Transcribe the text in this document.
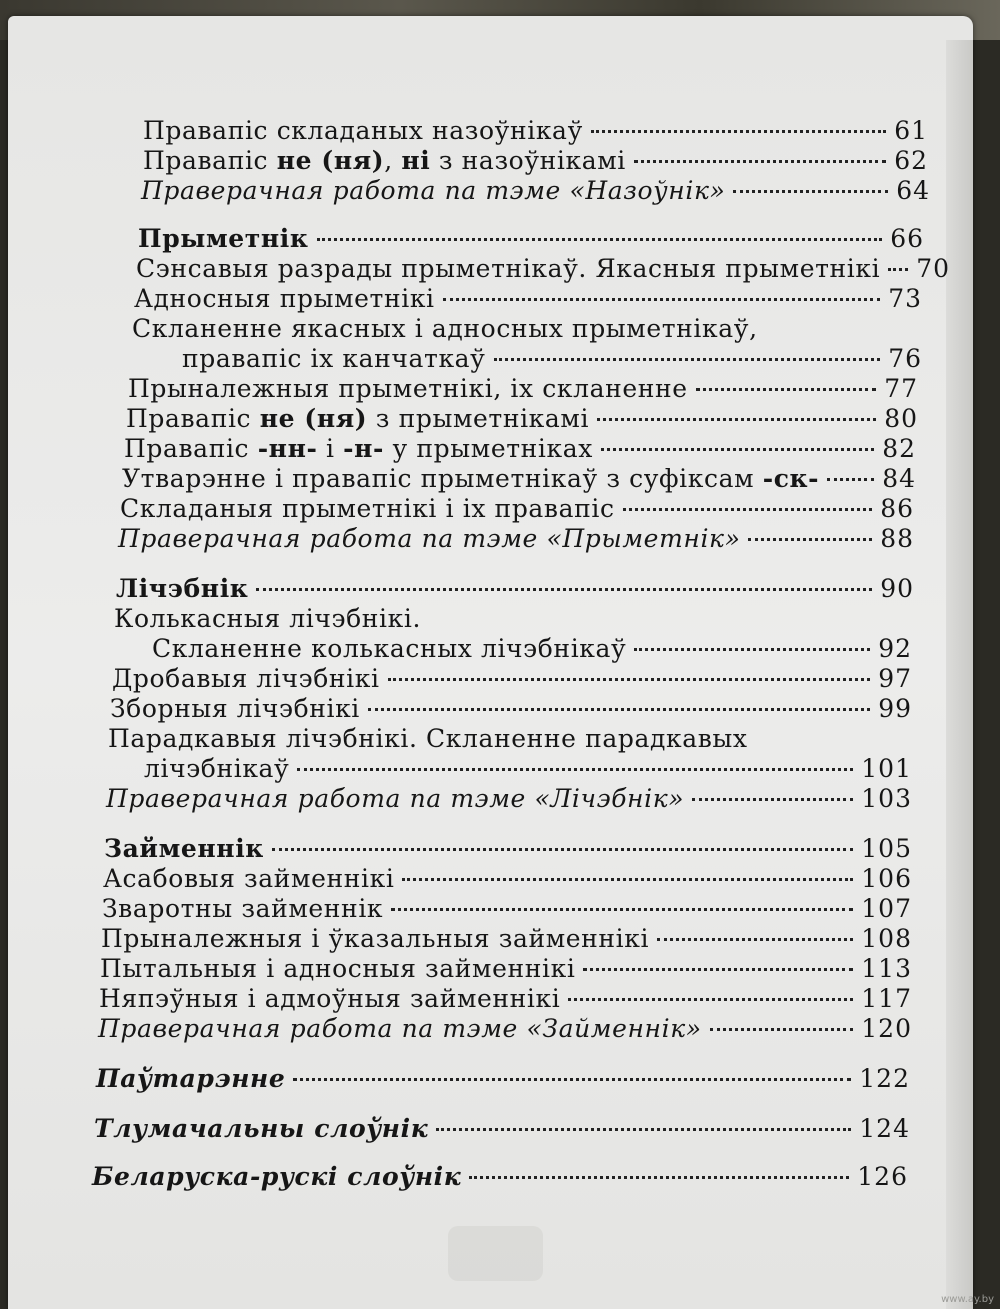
Правапіс складаных назоўнікаў	61
Правапіс не (ня), ні з назоўнікамі	62
Праверачная работа па тэме «Назоўнік»	64
Прыметнік	66
Сэнсавыя разрады прыметнікаў. Якасныя прыметнікі 70
Адносныя прыметнікі	73
Скланенне якасных і адносных прыметнікаў,
правапіс іх канчаткаў	76
Прыналежныя прыметнікі, іх скланенне	77
Правапіс не (ня) з прыметнікамі	80
Правапіс -нн- і -н- у прыметніках	82
Утварэнне і правапіс прыметнікаў з суфіксам -ск-	84
Складаныя прыметнікі і іх правапіс	86
Праверачная работа па тэме «Прыметнік»	88
Лічэбнік	90
Колькасныя лічэбнікі.
Скланенне колькасных лічэбнікаў	92
Дробавыя лічэбнікі	97
Зборныя лічэбнікі	99
Парадкавыя лічэбнікі. Скланенне парадкавых
лічэбнікаў	101
Праверачная работа па тэме «Лічэбнік»	103
Займеннік	105
Асабовыя займеннікі	106
Зваротны займеннік	107
Прыналежныя і ўказальныя займеннікі	108
Пытальныя і адносныя займеннікі	113
Няпэўныя і адмоўныя займеннікі	117
Праверачная работа па тэме «Займеннік»	120
Паўтарэнне	122
Тлумачальны слоўнік	124
Беларуска-рускі слоўнік	126
www.ay.by
